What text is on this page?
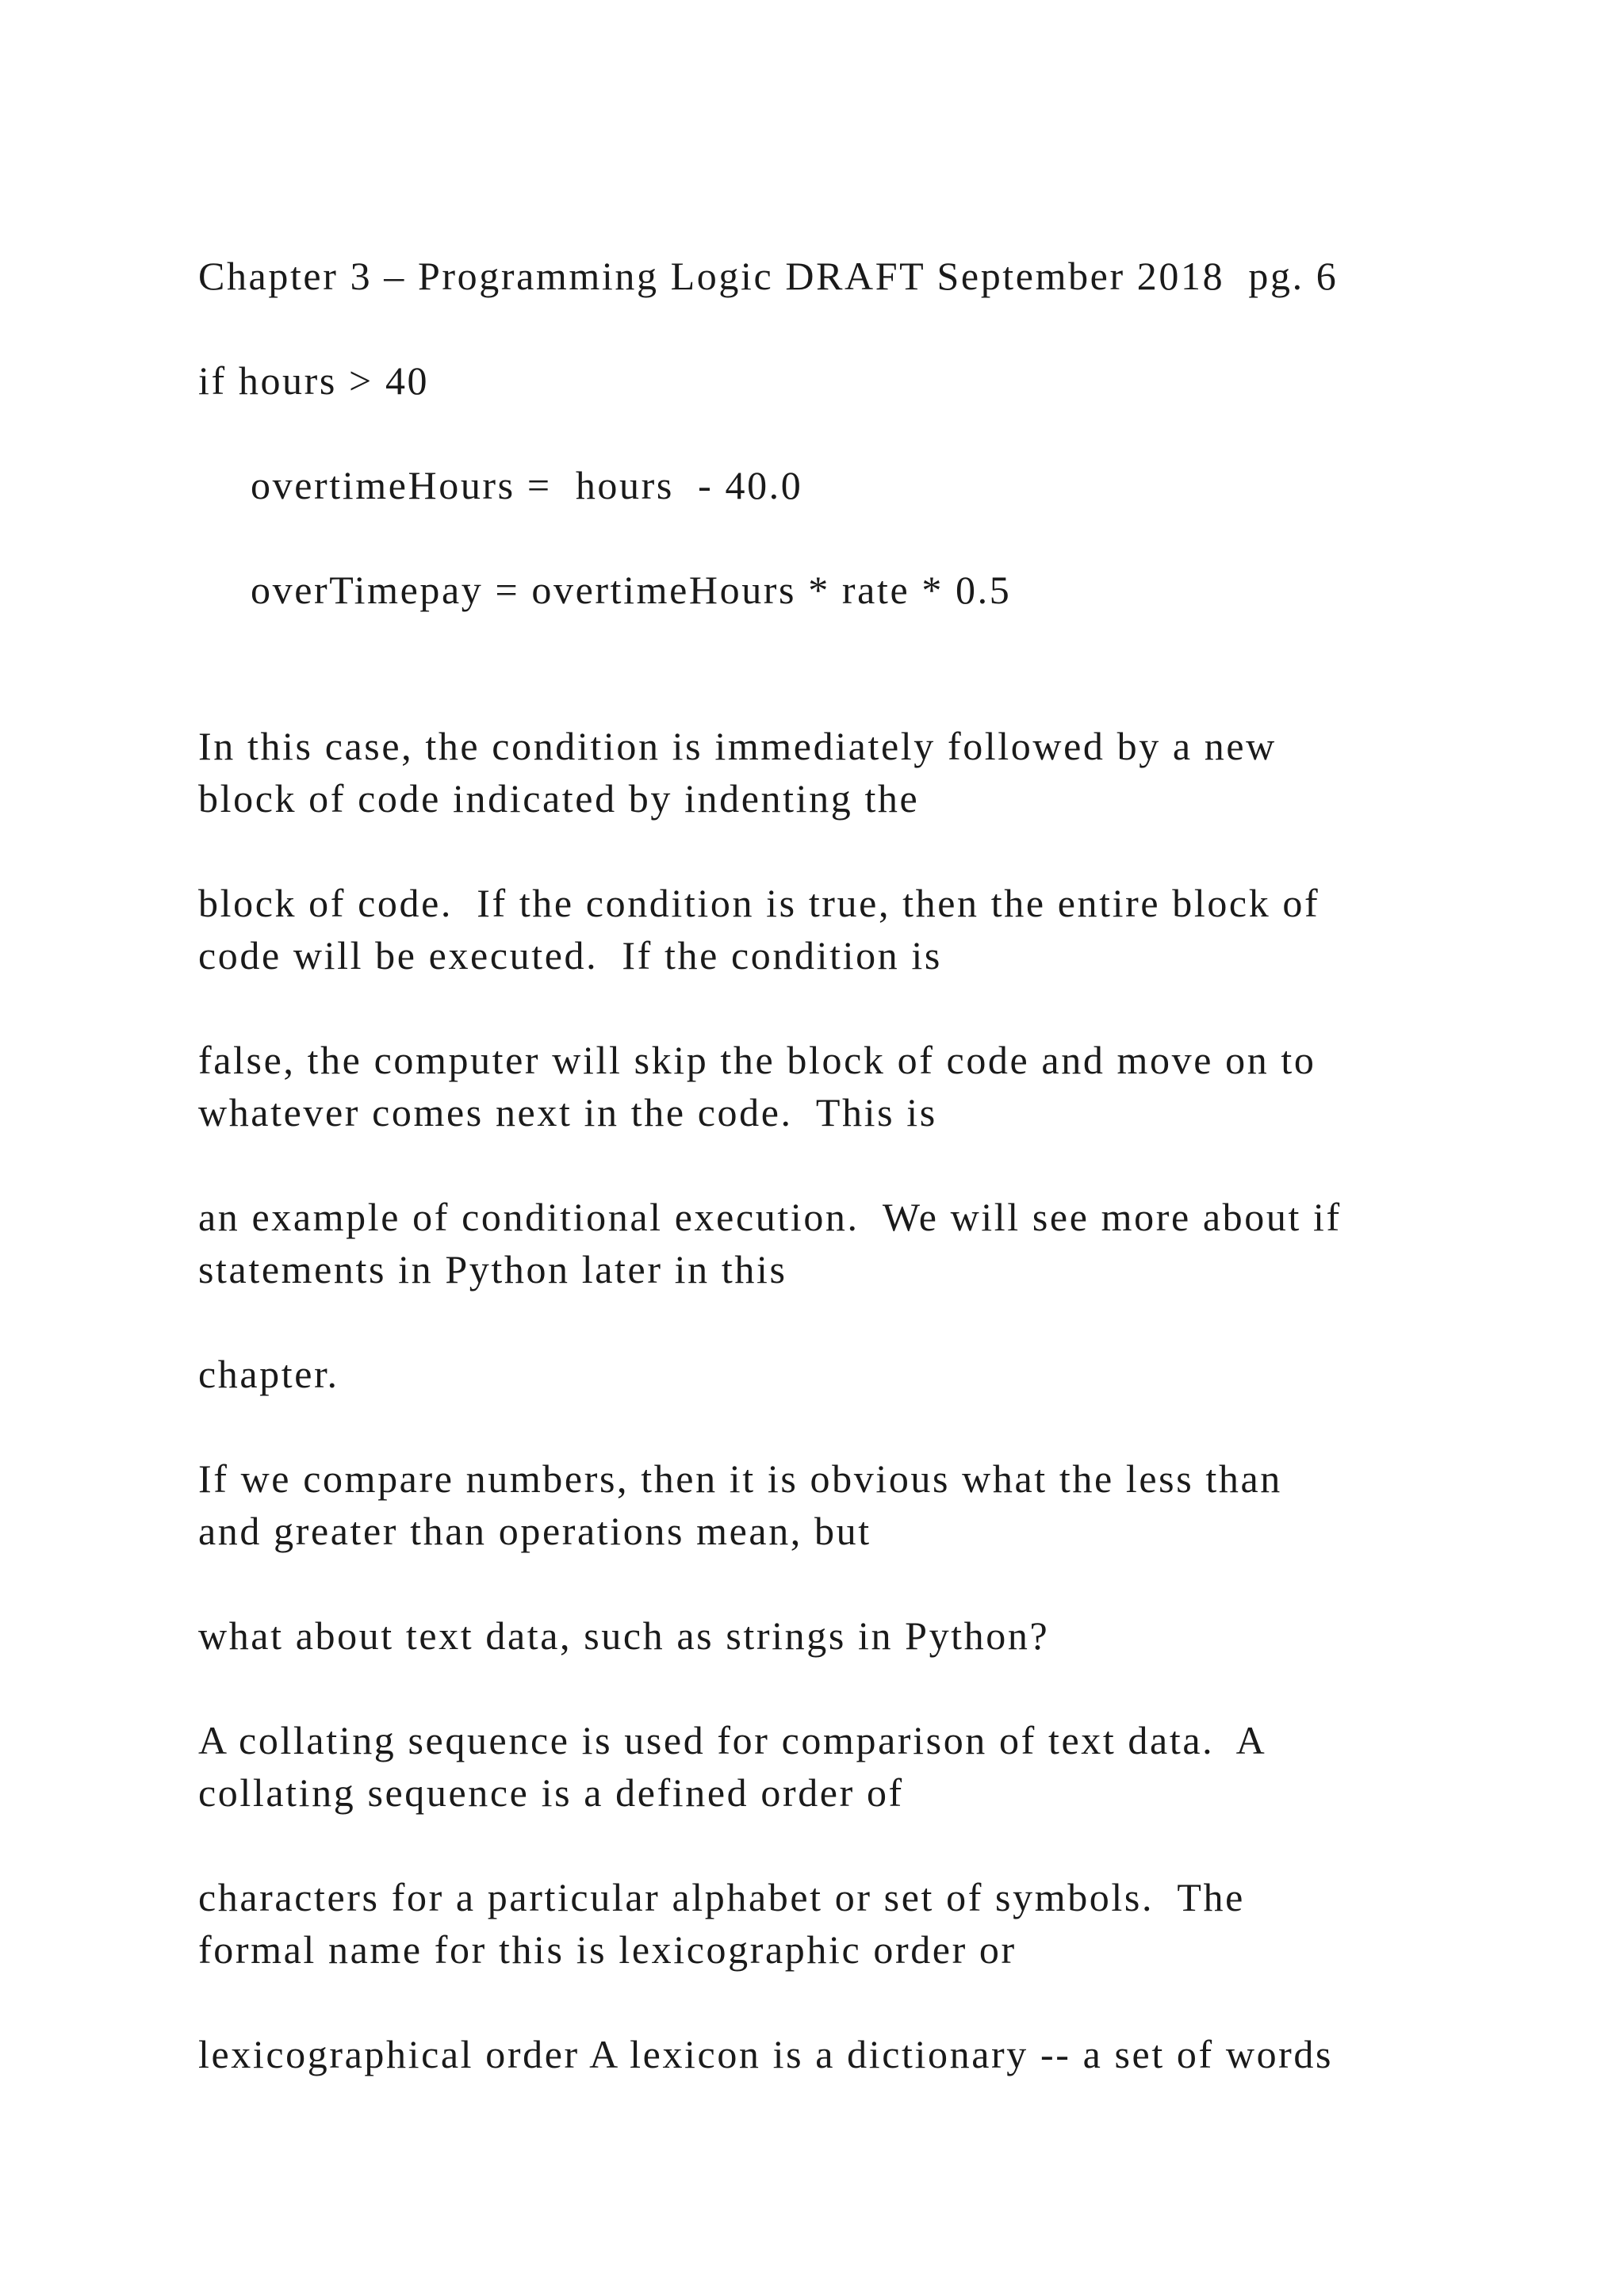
Chapter 3 – Programming Logic DRAFT September 2018  pg. 6
if hours > 40
overtimeHours =  hours  - 40.0
overTimepay = overtimeHours * rate * 0.5
In this case, the condition is immediately followed by a new
block of code indicated by indenting the
block of code.  If the condition is true, then the entire block of
code will be executed.  If the condition is
false, the computer will skip the block of code and move on to
whatever comes next in the code.  This is
an example of conditional execution.  We will see more about if
statements in Python later in this
chapter.
If we compare numbers, then it is obvious what the less than
and greater than operations mean, but
what about text data, such as strings in Python?
A collating sequence is used for comparison of text data.  A
collating sequence is a defined order of
characters for a particular alphabet or set of symbols.  The
formal name for this is lexicographic order or
lexicographical order A lexicon is a dictionary -- a set of words
